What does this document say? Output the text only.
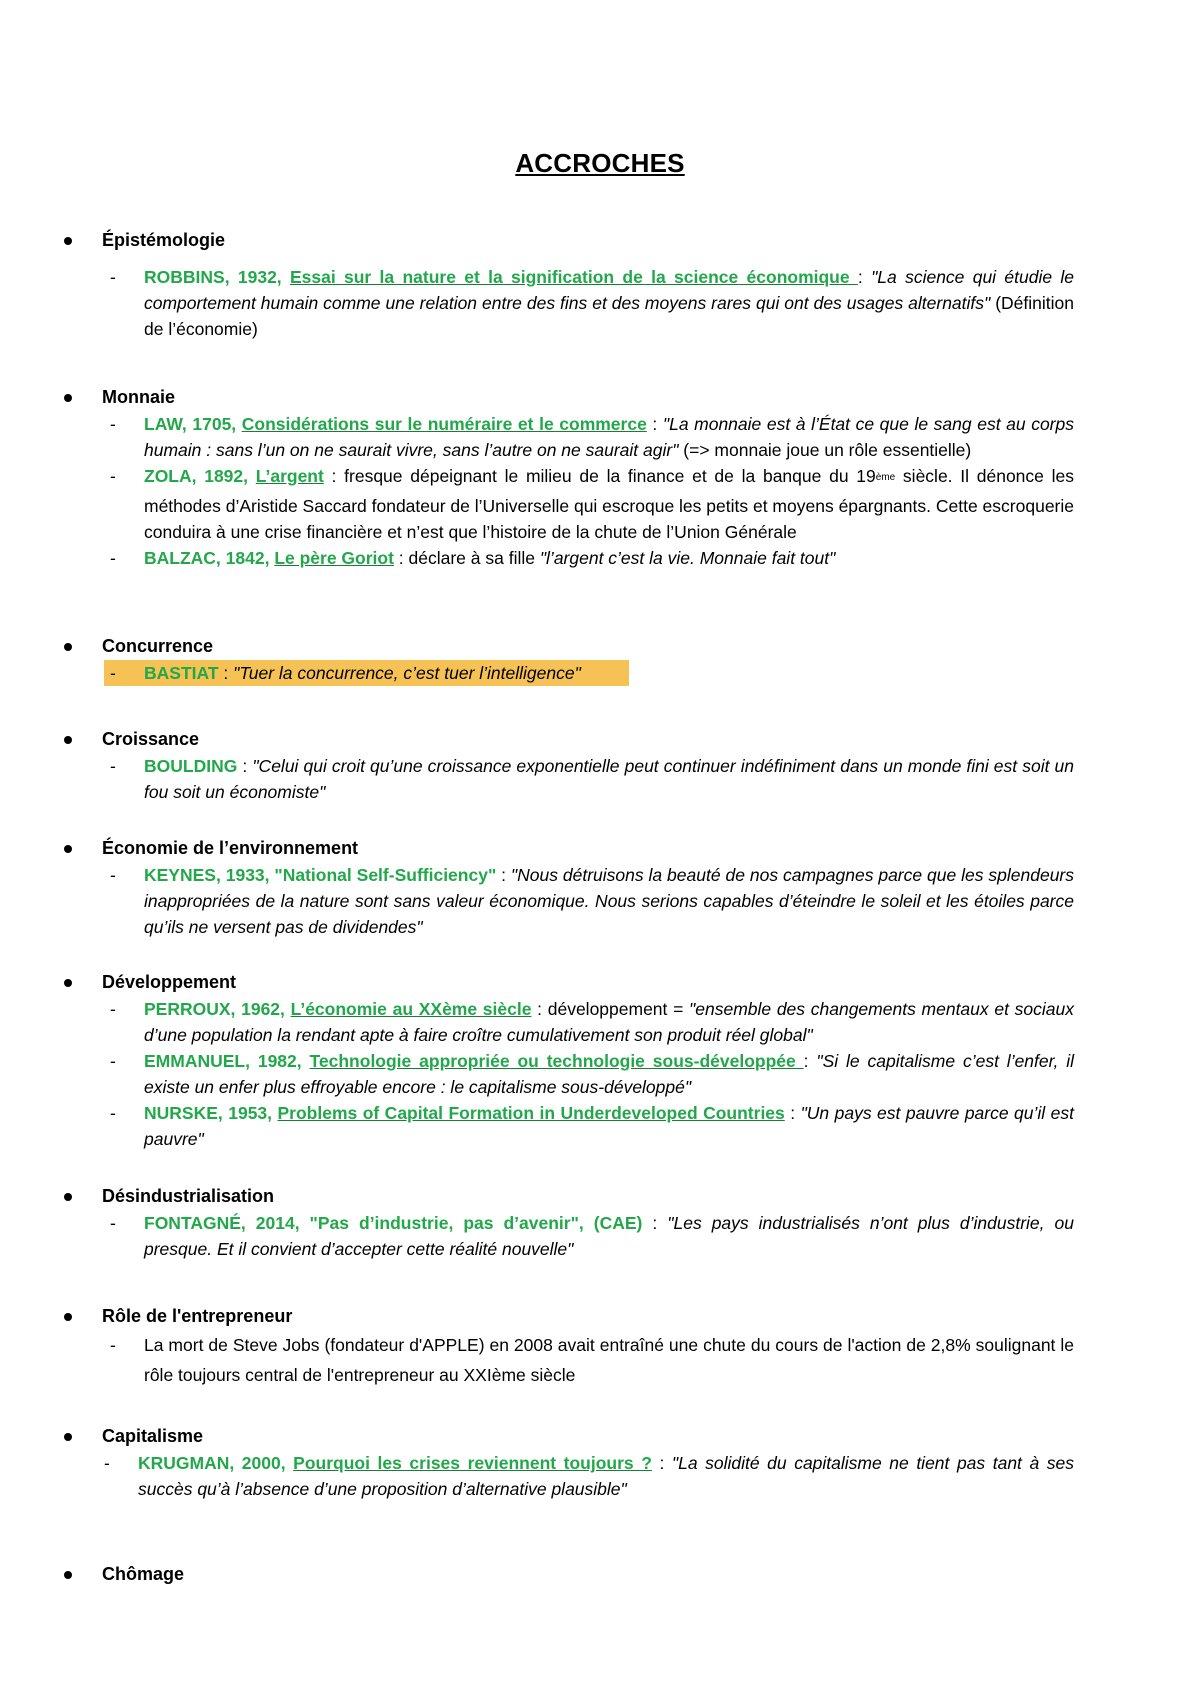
ACCROCHES
Épistémologie
- ROBBINS, 1932, Essai sur la nature et la signification de la science économique : "La science qui étudie le comportement humain comme une relation entre des fins et des moyens rares qui ont des usages alternatifs" (Définition de l’économie)
Monnaie
- LAW, 1705, Considérations sur le numéraire et le commerce : "La monnaie est à l’État ce que le sang est au corps humain : sans l’un on ne saurait vivre, sans l’autre on ne saurait agir" (=> monnaie joue un rôle essentielle)
- ZOLA, 1892, L’argent : fresque dépeignant le milieu de la finance et de la banque du 19ème siècle. Il dénonce les méthodes d’Aristide Saccard fondateur de l’Universelle qui escroque les petits et moyens épargnants. Cette escroquerie conduira à une crise financière et n’est que l’histoire de la chute de l’Union Générale
- BALZAC, 1842, Le père Goriot : déclare à sa fille "l’argent c’est la vie. Monnaie fait tout"
Concurrence
- BASTIAT : "Tuer la concurrence, c’est tuer l’intelligence"
Croissance
- BOULDING : "Celui qui croit qu’une croissance exponentielle peut continuer indéfiniment dans un monde fini est soit un fou soit un économiste"
Économie de l’environnement
- KEYNES, 1933, "National Self-Sufficiency" : "Nous détruisons la beauté de nos campagnes parce que les splendeurs inappropriées de la nature sont sans valeur économique. Nous serions capables d’éteindre le soleil et les étoiles parce qu’ils ne versent pas de dividendes"
Développement
- PERROUX, 1962, L’économie au XXème siècle : développement = "ensemble des changements mentaux et sociaux d’une population la rendant apte à faire croître cumulativement son produit réel global"
- EMMANUEL, 1982, Technologie appropriée ou technologie sous-développée : "Si le capitalisme c’est l’enfer, il existe un enfer plus effroyable encore : le capitalisme sous-développé"
- NURSKE, 1953, Problems of Capital Formation in Underdeveloped Countries : "Un pays est pauvre parce qu’il est pauvre"
Désindustrialisation
- FONTAGNÉ, 2014, "Pas d’industrie, pas d’avenir", (CAE) : "Les pays industrialisés n’ont plus d’industrie, ou presque. Et il convient d’accepter cette réalité nouvelle"
Rôle de l'entrepreneur
- La mort de Steve Jobs (fondateur d'APPLE) en 2008 avait entraîné une chute du cours de l'action de 2,8% soulignant le rôle toujours central de l'entrepreneur au XXIème siècle
Capitalisme
- KRUGMAN, 2000, Pourquoi les crises reviennent toujours ? : "La solidité du capitalisme ne tient pas tant à ses succès qu’à l’absence d’une proposition d’alternative plausible"
Chômage
